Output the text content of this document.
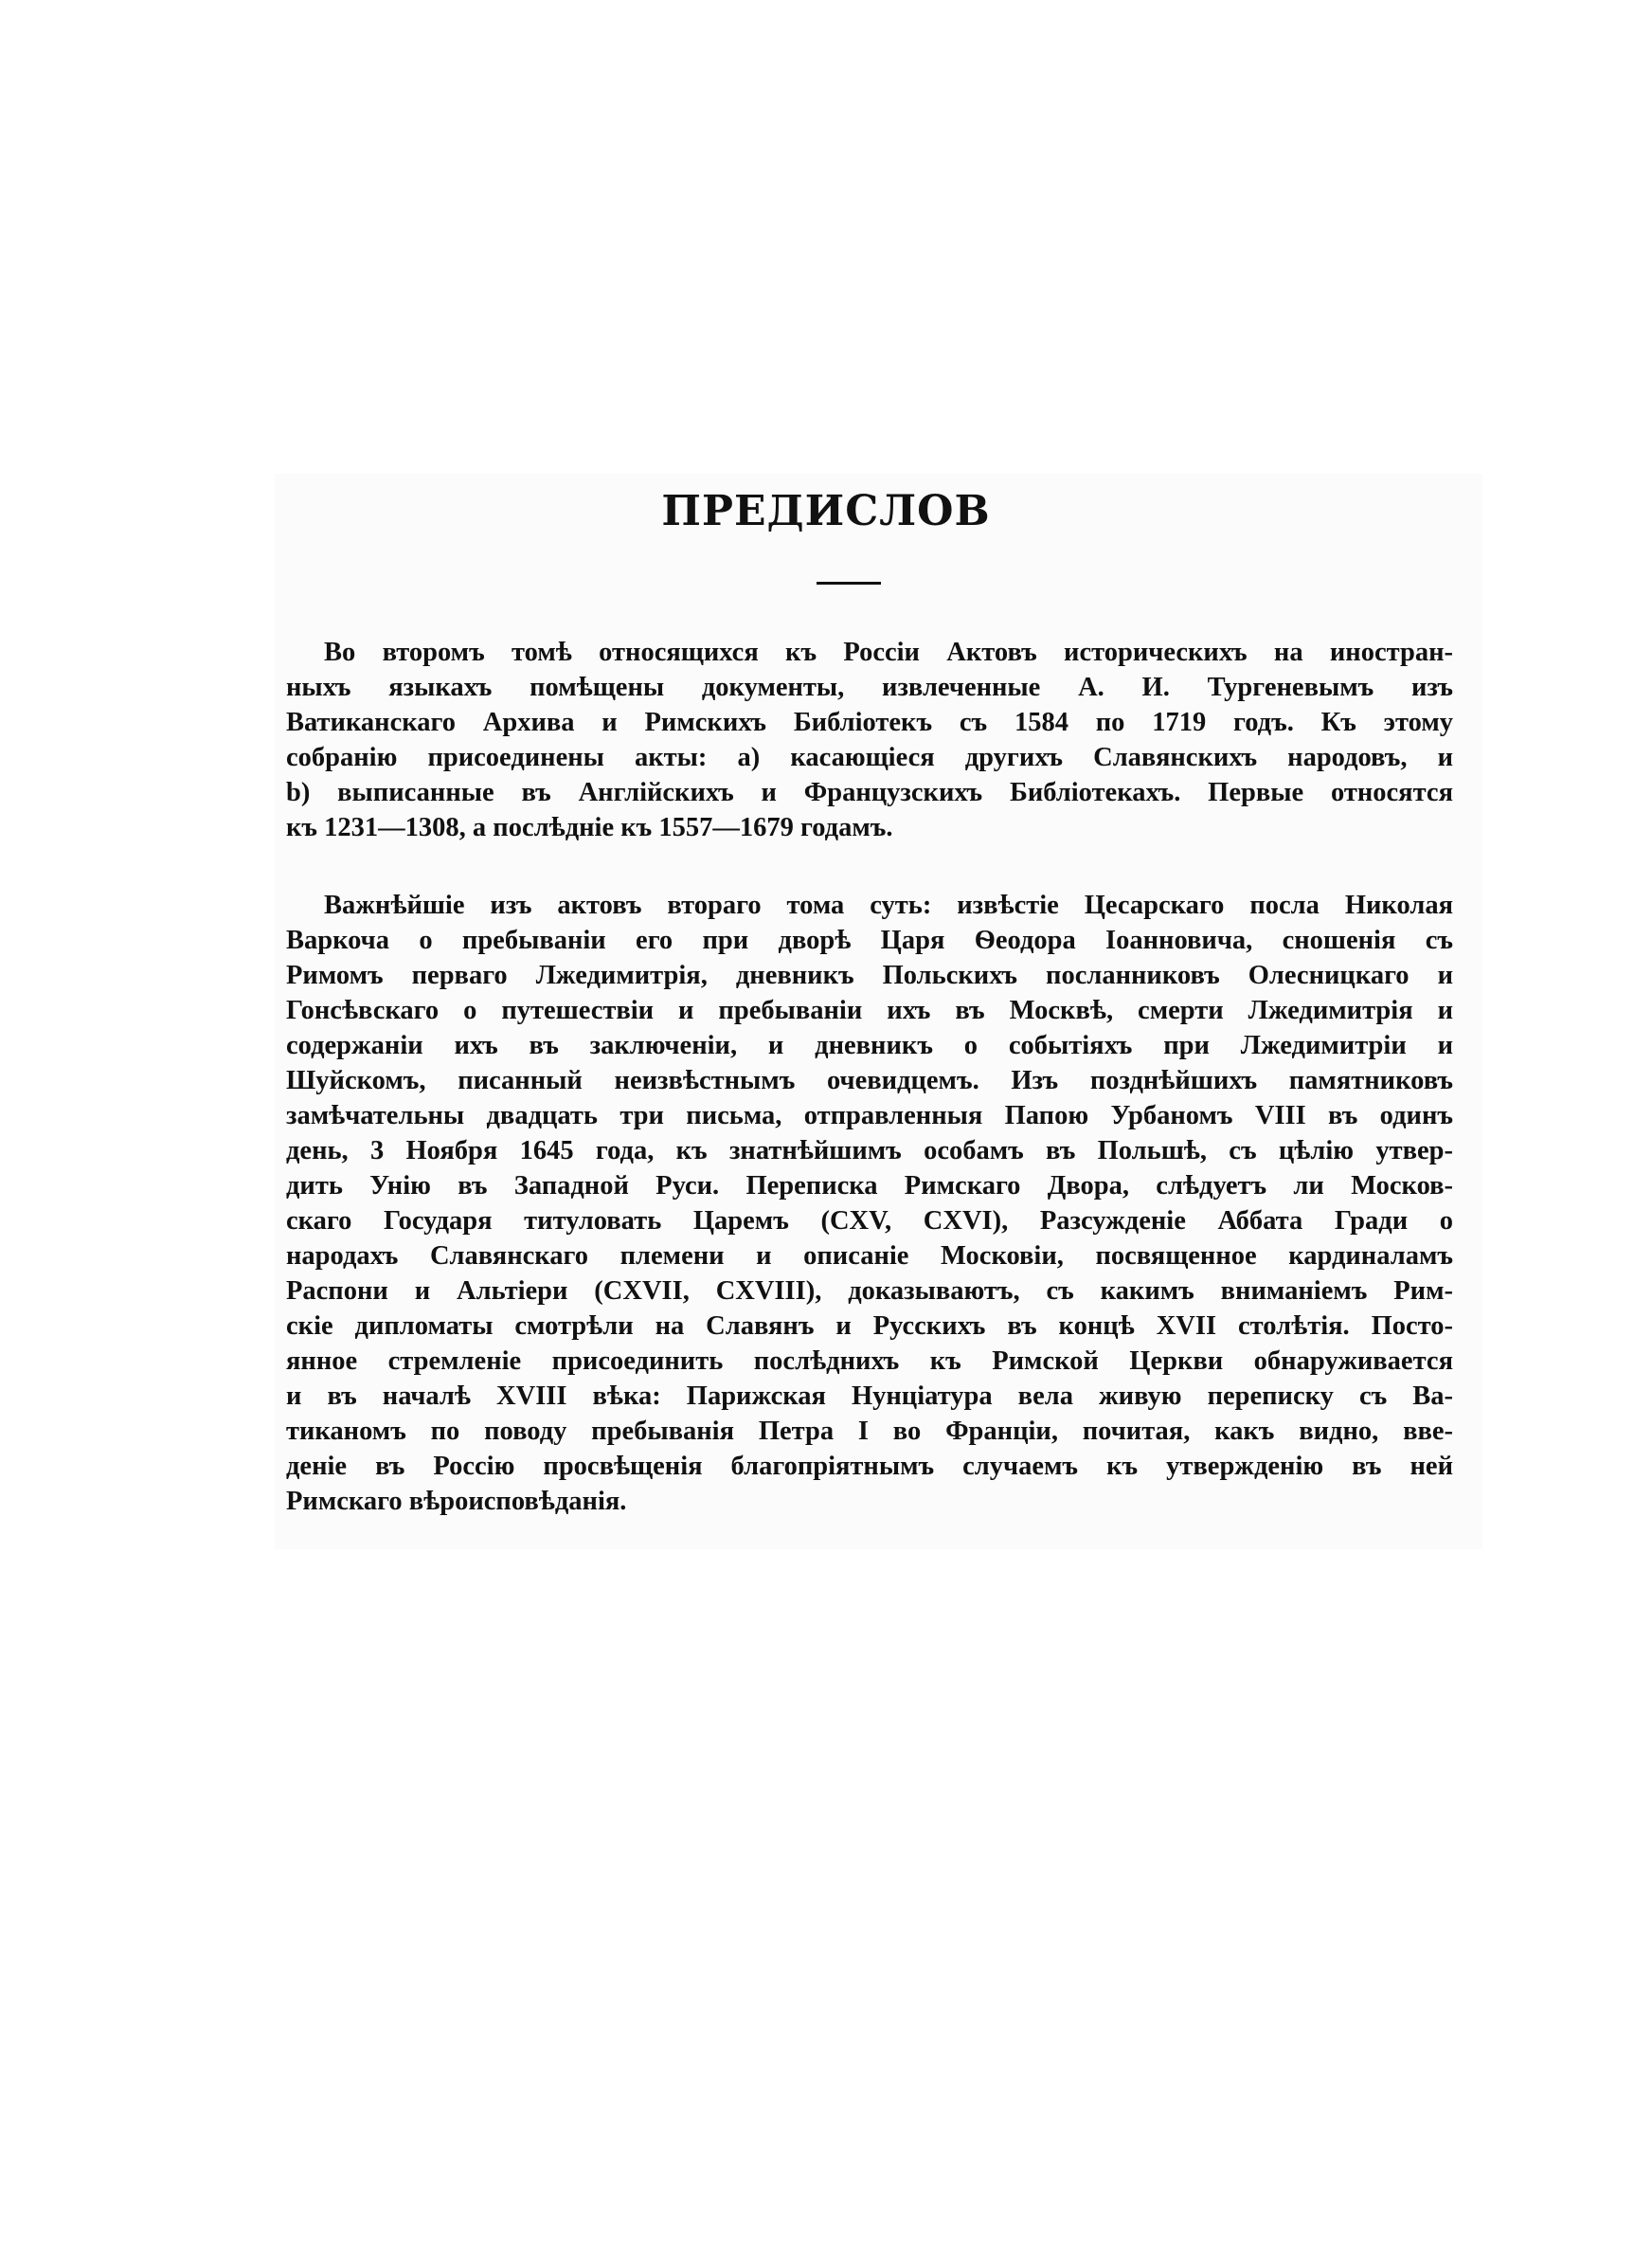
ПРЕДИСЛОВ
Во второмъ томѣ относящихся къ Россіи Актовъ историческихъ на иностран-
ныхъ языкахъ помѣщены документы, извлеченные А. И. Тургеневымъ изъ
Ватиканскаго Архива и Римскихъ Библіотекъ съ 1584 по 1719 годъ. Къ этому
собранію присоединены акты: a) касающіеся другихъ Славянскихъ народовъ, и
b) выписанные въ Англійскихъ и Французскихъ Библіотекахъ. Первые относятся
къ 1231—1308, а послѣдніе къ 1557—1679 годамъ.
Важнѣйшіе изъ актовъ втораго тома суть: извѣстіе Цесарскаго посла Николая
Варкоча о пребываніи его при дворѣ Царя Ѳеодора Іоанновича, сношенія съ
Римомъ перваго Лжедимитрія, дневникъ Польскихъ посланниковъ Олесницкаго и
Гонсѣвскаго о путешествіи и пребываніи ихъ въ Москвѣ, смерти Лжедимитрія и
содержаніи ихъ въ заключеніи, и дневникъ о событіяхъ при Лжедимитріи и
Шуйскомъ, писанный неизвѣстнымъ очевидцемъ. Изъ позднѣйшихъ памятниковъ
замѣчательны двадцать три письма, отправленныя Папою Урбаномъ VIII въ одинъ
день, 3 Ноября 1645 года, къ знатнѣйшимъ особамъ въ Польшѣ, съ цѣлію утвер-
дить Унію въ Западной Руси. Переписка Римскаго Двора, слѣдуетъ ли Москов-
скаго Государя титуловать Царемъ (CXV, CXVI), Разсужденіе Аббата Гради о
народахъ Славянскаго племени и описаніе Московіи, посвященное кардиналамъ
Распони и Альтіери (CXVII, CXVIII), доказываютъ, съ какимъ вниманіемъ Рим-
скіе дипломаты смотрѣли на Славянъ и Русскихъ въ концѣ XVII столѣтія. Посто-
янное стремленіе присоединить послѣднихъ къ Римской Церкви обнаруживается
и въ началѣ XVIII вѣка: Парижская Нунціатура вела живую переписку съ Ва-
тиканомъ по поводу пребыванія Петра I во Франціи, почитая, какъ видно, вве-
деніе въ Россію просвѣщенія благопріятнымъ случаемъ къ утвержденію въ ней
Римскаго вѣроисповѣданія.
